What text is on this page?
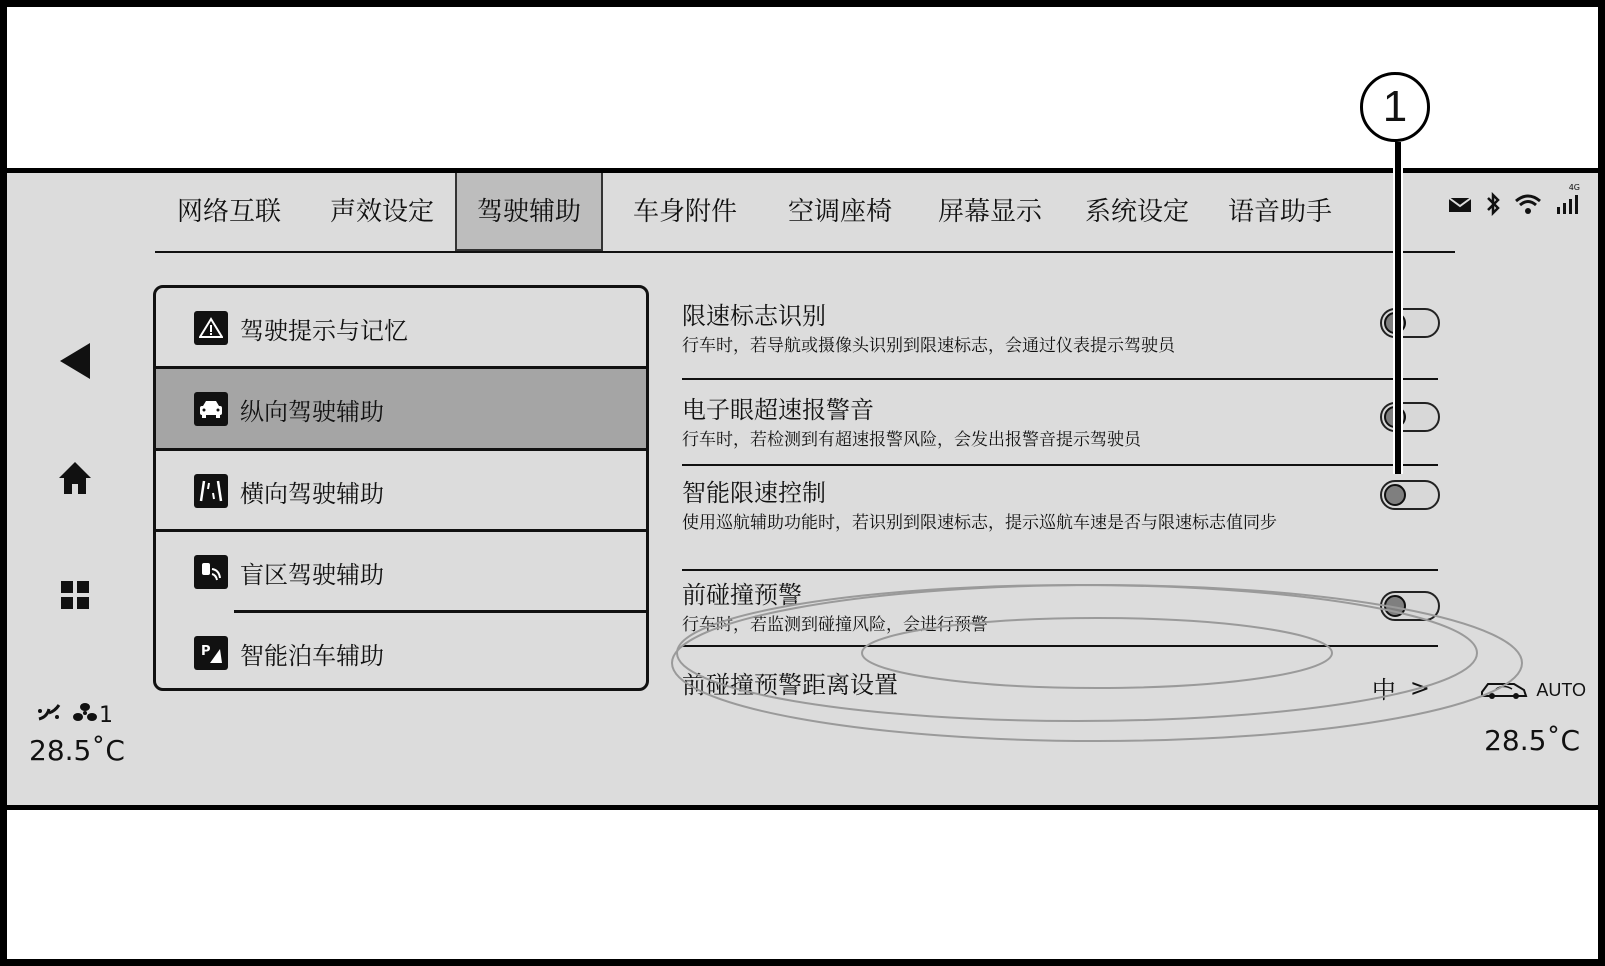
1
网络互联	声效设定	驾驶辅助	车身附件	空调座椅	屏幕显示	系统设定	语音助手
4G
1
28.5˚C	28.5˚C
驾驶提示与记忆
纵向驾驶辅助
横向驾驶辅助
盲区驾驶辅助
P 智能泊车辅助
限速标志识别
行车时，若导航或摄像头识别到限速标志，会通过仪表提示驾驶员
电子眼超速报警音
行车时，若检测到有超速报警风险，会发出报警音提示驾驶员
智能限速控制
使用巡航辅助功能时，若识别到限速标志，提示巡航车速是否与限速标志值同步
前碰撞预警
行车时，若监测到碰撞风险，会进行预警
前碰撞预警距离设置	中 >	AUTO
